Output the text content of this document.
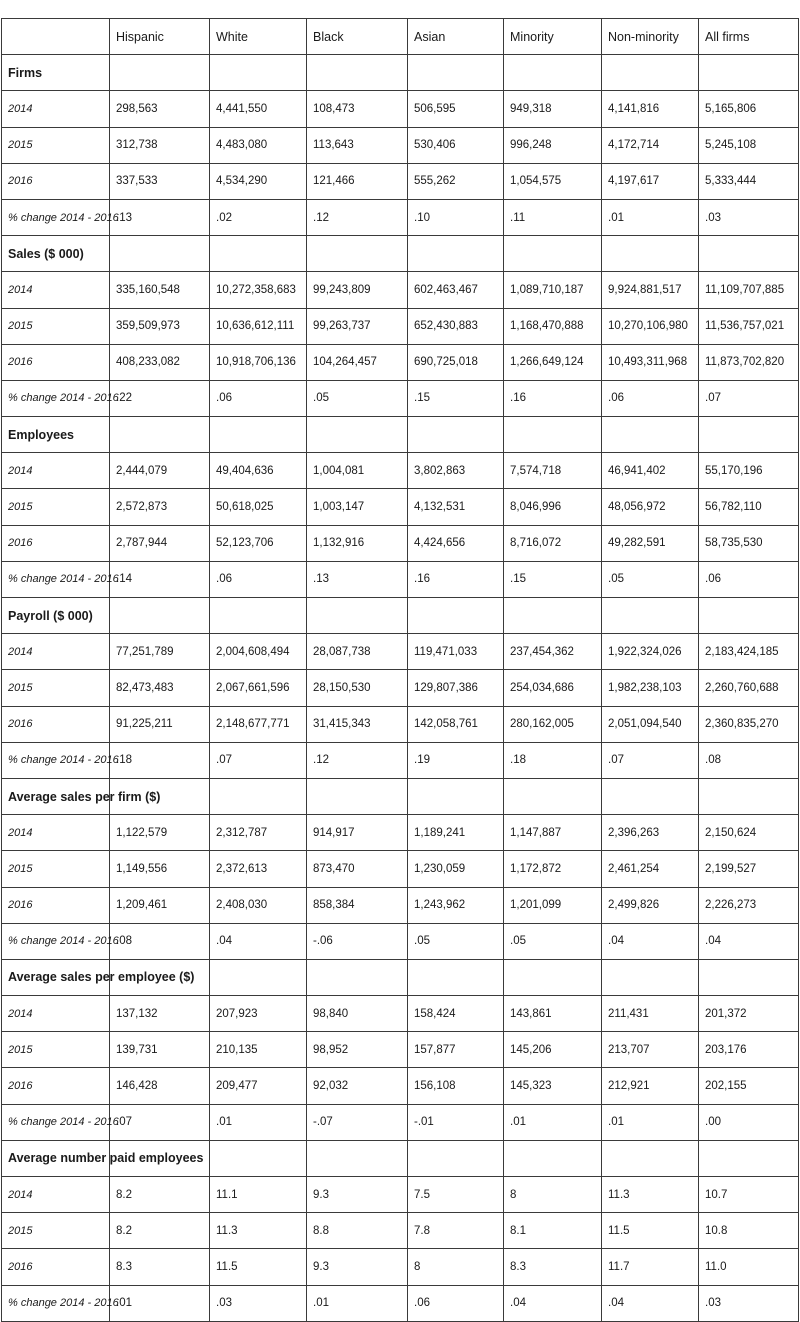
	Hispanic	White	Black	Asian	Minority	Non-minority	All firms
Firms							
2014	298,563	4,441,550	108,473	506,595	949,318	4,141,816	5,165,806
2015	312,738	4,483,080	113,643	530,406	996,248	4,172,714	5,245,108
2016	337,533	4,534,290	121,466	555,262	1,054,575	4,197,617	5,333,444
% change 2014 - 2016	.13	.02	.12	.10	.11	.01	.03
Sales ($ 000)							
2014	335,160,548	10,272,358,683	99,243,809	602,463,467	1,089,710,187	9,924,881,517	11,109,707,885
2015	359,509,973	10,636,612,111	99,263,737	652,430,883	1,168,470,888	10,270,106,980	11,536,757,021
2016	408,233,082	10,918,706,136	104,264,457	690,725,018	1,266,649,124	10,493,311,968	11,873,702,820
% change 2014 - 2016	.22	.06	.05	.15	.16	.06	.07
Employees							
2014	2,444,079	49,404,636	1,004,081	3,802,863	7,574,718	46,941,402	55,170,196
2015	2,572,873	50,618,025	1,003,147	4,132,531	8,046,996	48,056,972	56,782,110
2016	2,787,944	52,123,706	1,132,916	4,424,656	8,716,072	49,282,591	58,735,530
% change 2014 - 2016	.14	.06	.13	.16	.15	.05	.06
Payroll ($ 000)							
2014	77,251,789	2,004,608,494	28,087,738	119,471,033	237,454,362	1,922,324,026	2,183,424,185
2015	82,473,483	2,067,661,596	28,150,530	129,807,386	254,034,686	1,982,238,103	2,260,760,688
2016	91,225,211	2,148,677,771	31,415,343	142,058,761	280,162,005	2,051,094,540	2,360,835,270
% change 2014 - 2016	.18	.07	.12	.19	.18	.07	.08
Average sales per firm ($)							
2014	1,122,579	2,312,787	914,917	1,189,241	1,147,887	2,396,263	2,150,624
2015	1,149,556	2,372,613	873,470	1,230,059	1,172,872	2,461,254	2,199,527
2016	1,209,461	2,408,030	858,384	1,243,962	1,201,099	2,499,826	2,226,273
% change 2014 - 2016	.08	.04	-.06	.05	.05	.04	.04
Average sales per employee ($)							
2014	137,132	207,923	98,840	158,424	143,861	211,431	201,372
2015	139,731	210,135	98,952	157,877	145,206	213,707	203,176
2016	146,428	209,477	92,032	156,108	145,323	212,921	202,155
% change 2014 - 2016	.07	.01	-.07	-.01	.01	.01	.00
Average number paid employees							
2014	8.2	11.1	9.3	7.5	8	11.3	10.7
2015	8.2	11.3	8.8	7.8	8.1	11.5	10.8
2016	8.3	11.5	9.3	8	8.3	11.7	11.0
% change 2014 - 2016	.01	.03	.01	.06	.04	.04	.03
